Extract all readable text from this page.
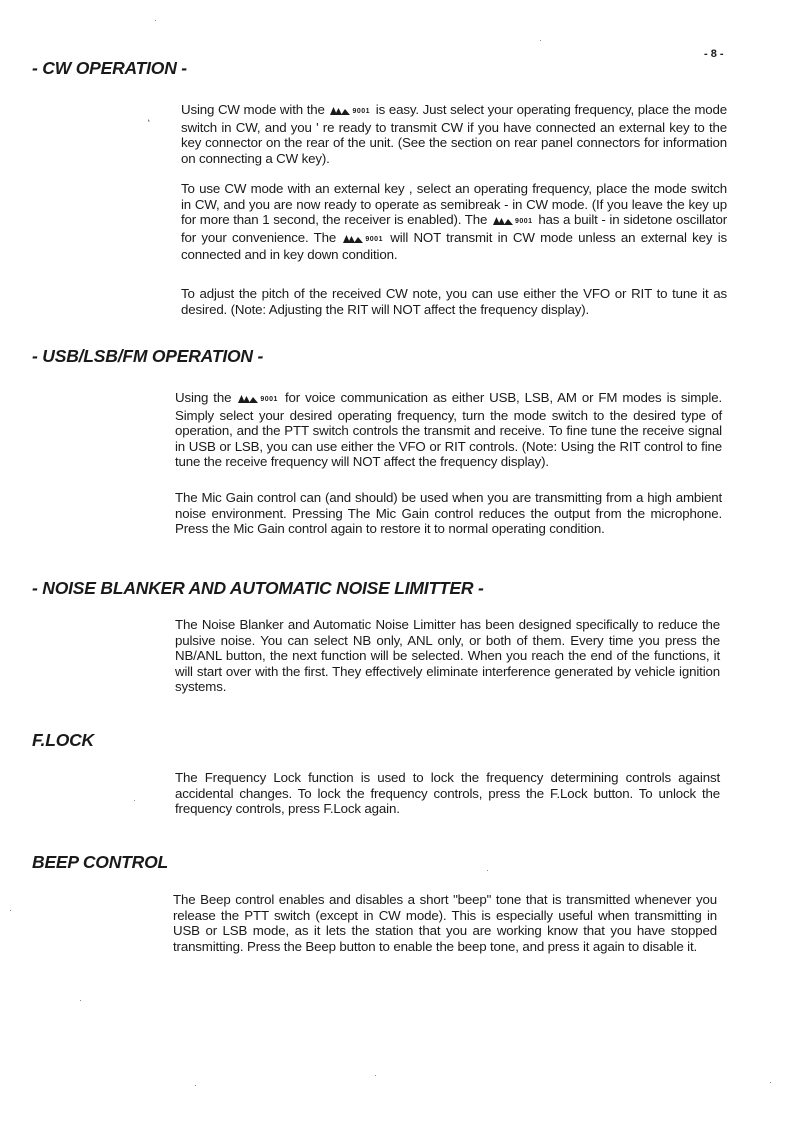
- 8 -
‘
- CW OPERATION -

Using CW mode with the	9001 is easy. Just select your operating frequency, place the mode switch in CW, and you ' re ready to transmit CW if you have connected an external key to the key connector on the rear of the unit. (See the section on rear panel connectors for information on connecting a CW key).

To use CW mode with an external key , select an operating frequency, place the mode switch in CW, and you are now ready to operate as semibreak - in CW mode. (If you leave the key up for more than 1 second, the receiver is enabled). The	9001 has a built - in sidetone oscillator for your convenience. The	9001 will NOT transmit in CW mode unless an external key is connected and in key down condition.

To adjust the pitch of the received CW note, you can use either the VFO or RIT to tune it as desired. (Note: Adjusting the RIT will NOT affect the frequency display).

- USB/LSB/FM OPERATION -

Using the	9001 for voice communication as either USB, LSB, AM or FM modes is simple. Simply select your desired operating frequency, turn the mode switch to the desired type of operation, and the PTT switch controls the transmit and receive. To fine tune the receive signal in USB or LSB, you can use either the VFO or RIT controls. (Note: Using the RIT control to fine tune the receive frequency will NOT affect the frequency display).

The Mic Gain control can (and should) be used when you are transmitting from a high ambient noise environment. Pressing The Mic Gain control reduces the output from the microphone. Press the Mic Gain control again to restore it to normal operating condition.

- NOISE BLANKER AND AUTOMATIC NOISE LIMITTER -

The Noise Blanker and Automatic Noise Limitter has been designed specifically to reduce the pulsive noise. You can select NB only, ANL only, or both of them. Every time you press the NB/ANL button, the next function will be selected. When you reach the end of the functions, it will start over with the first. They effectively eliminate interference generated by vehicle ignition systems.

F.LOCK

The Frequency Lock function is used to lock the frequency determining controls against accidental changes. To lock the frequency controls, press the F.Lock button. To unlock the frequency controls, press F.Lock again.

BEEP CONTROL

The Beep control enables and disables a short "beep" tone that is transmitted whenever you release the PTT switch (except in CW mode). This is especially useful when transmitting in USB or LSB mode, as it lets the station that you are working know that you have stopped transmitting. Press the Beep button to enable the beep tone, and press it again to disable it.
